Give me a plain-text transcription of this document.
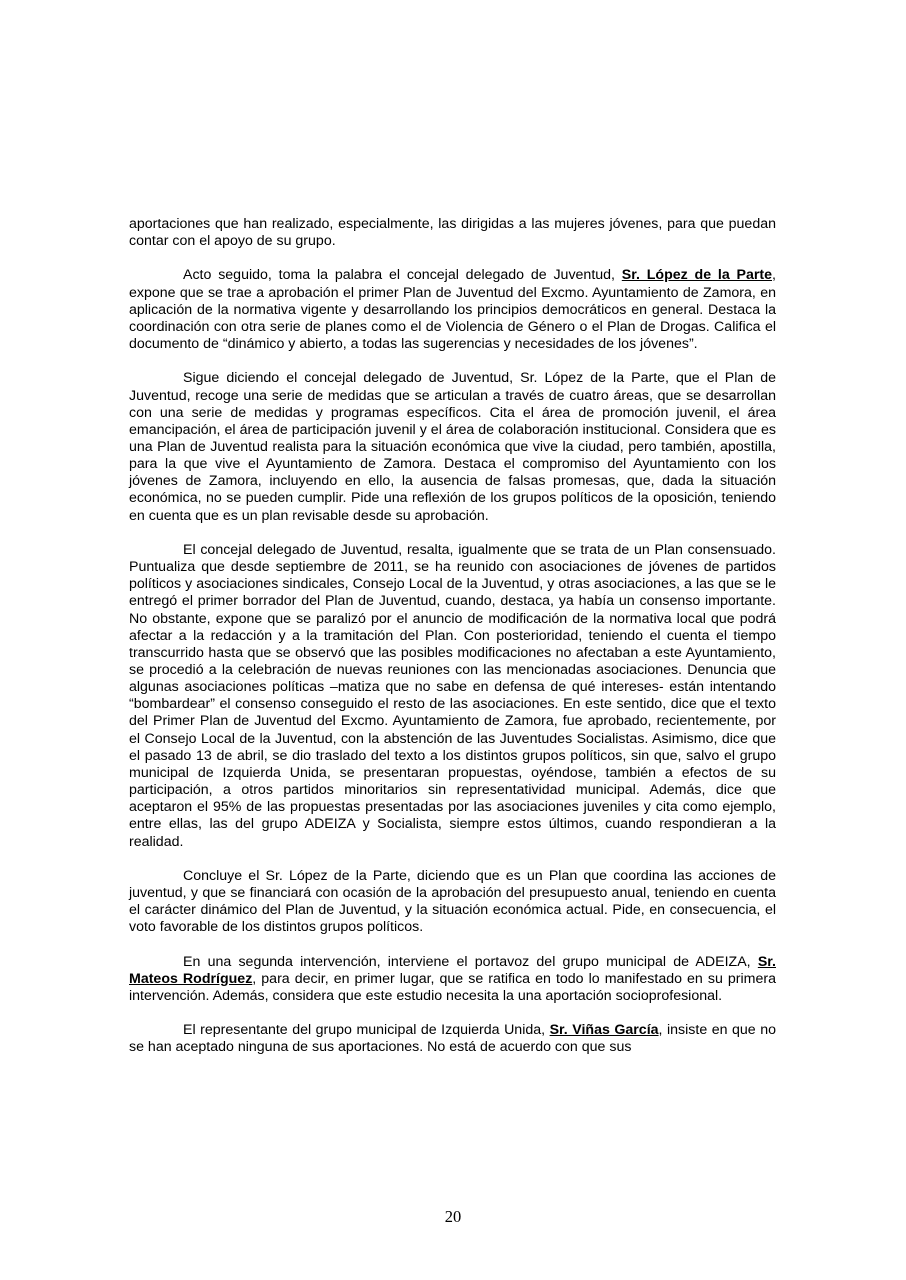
aportaciones que han realizado, especialmente, las dirigidas a las mujeres jóvenes, para que puedan contar con el apoyo de su grupo.

Acto seguido, toma la palabra el concejal delegado de Juventud, Sr. López de la Parte, expone que se trae a aprobación el primer Plan de Juventud del Excmo. Ayuntamiento de Zamora, en aplicación de la normativa vigente y desarrollando los principios democráticos en general. Destaca la coordinación con otra serie de planes como el de Violencia de Género o el Plan de Drogas. Califica el documento de “dinámico y abierto, a todas las sugerencias y necesidades de los jóvenes”.

Sigue diciendo el concejal delegado de Juventud, Sr. López de la Parte, que el Plan de Juventud, recoge una serie de medidas que se articulan a través de cuatro áreas, que se desarrollan con una serie de medidas y programas específicos. Cita el área de promoción juvenil, el área emancipación, el área de participación juvenil y el área de colaboración institucional. Considera que es una Plan de Juventud realista para la situación económica que vive la ciudad, pero también, apostilla, para la que vive el Ayuntamiento de Zamora. Destaca el compromiso del Ayuntamiento con los jóvenes de Zamora, incluyendo en ello, la ausencia de falsas promesas, que, dada la situación económica, no se pueden cumplir. Pide una reflexión de los grupos políticos de la oposición, teniendo en cuenta que es un plan revisable desde su aprobación.

El concejal delegado de Juventud, resalta, igualmente que se trata de un Plan consensuado. Puntualiza que desde septiembre de 2011, se ha reunido con asociaciones de jóvenes de partidos políticos y asociaciones sindicales, Consejo Local de la Juventud, y otras asociaciones, a las que se le entregó el primer borrador del Plan de Juventud, cuando, destaca, ya había un consenso importante. No obstante, expone que se paralizó por el anuncio de modificación de la normativa local que podrá afectar a la redacción y a la tramitación del Plan. Con posterioridad, teniendo el cuenta el tiempo transcurrido hasta que se observó que las posibles modificaciones no afectaban a este Ayuntamiento, se procedió a la celebración de nuevas reuniones con las mencionadas asociaciones. Denuncia que algunas asociaciones políticas –matiza que no sabe en defensa de qué intereses- están intentando “bombardear” el consenso conseguido el resto de las asociaciones. En este sentido, dice que el texto del Primer Plan de Juventud del Excmo. Ayuntamiento de Zamora, fue aprobado, recientemente, por el Consejo Local de la Juventud, con la abstención de las Juventudes Socialistas. Asimismo, dice que el pasado 13 de abril, se dio traslado del texto a los distintos grupos políticos, sin que, salvo el grupo municipal de Izquierda Unida, se presentaran propuestas, oyéndose, también a efectos de su participación, a otros partidos minoritarios sin representatividad municipal. Además, dice que aceptaron el 95% de las propuestas presentadas por las asociaciones juveniles y cita como ejemplo, entre ellas, las del grupo ADEIZA y Socialista, siempre estos últimos, cuando respondieran a la realidad.

Concluye el Sr. López de la Parte, diciendo que es un Plan que coordina las acciones de juventud, y que se financiará con ocasión de la aprobación del presupuesto anual, teniendo en cuenta el carácter dinámico del Plan de Juventud, y la situación económica actual. Pide, en consecuencia, el voto favorable de los distintos grupos políticos.

En una segunda intervención, interviene el portavoz del grupo municipal de ADEIZA, Sr. Mateos Rodríguez, para decir, en primer lugar, que se ratifica en todo lo manifestado en su primera intervención. Además, considera que este estudio necesita la una aportación socioprofesional.

El representante del grupo municipal de Izquierda Unida, Sr. Viñas García, insiste en que no se han aceptado ninguna de sus aportaciones. No está de acuerdo con que sus

20
